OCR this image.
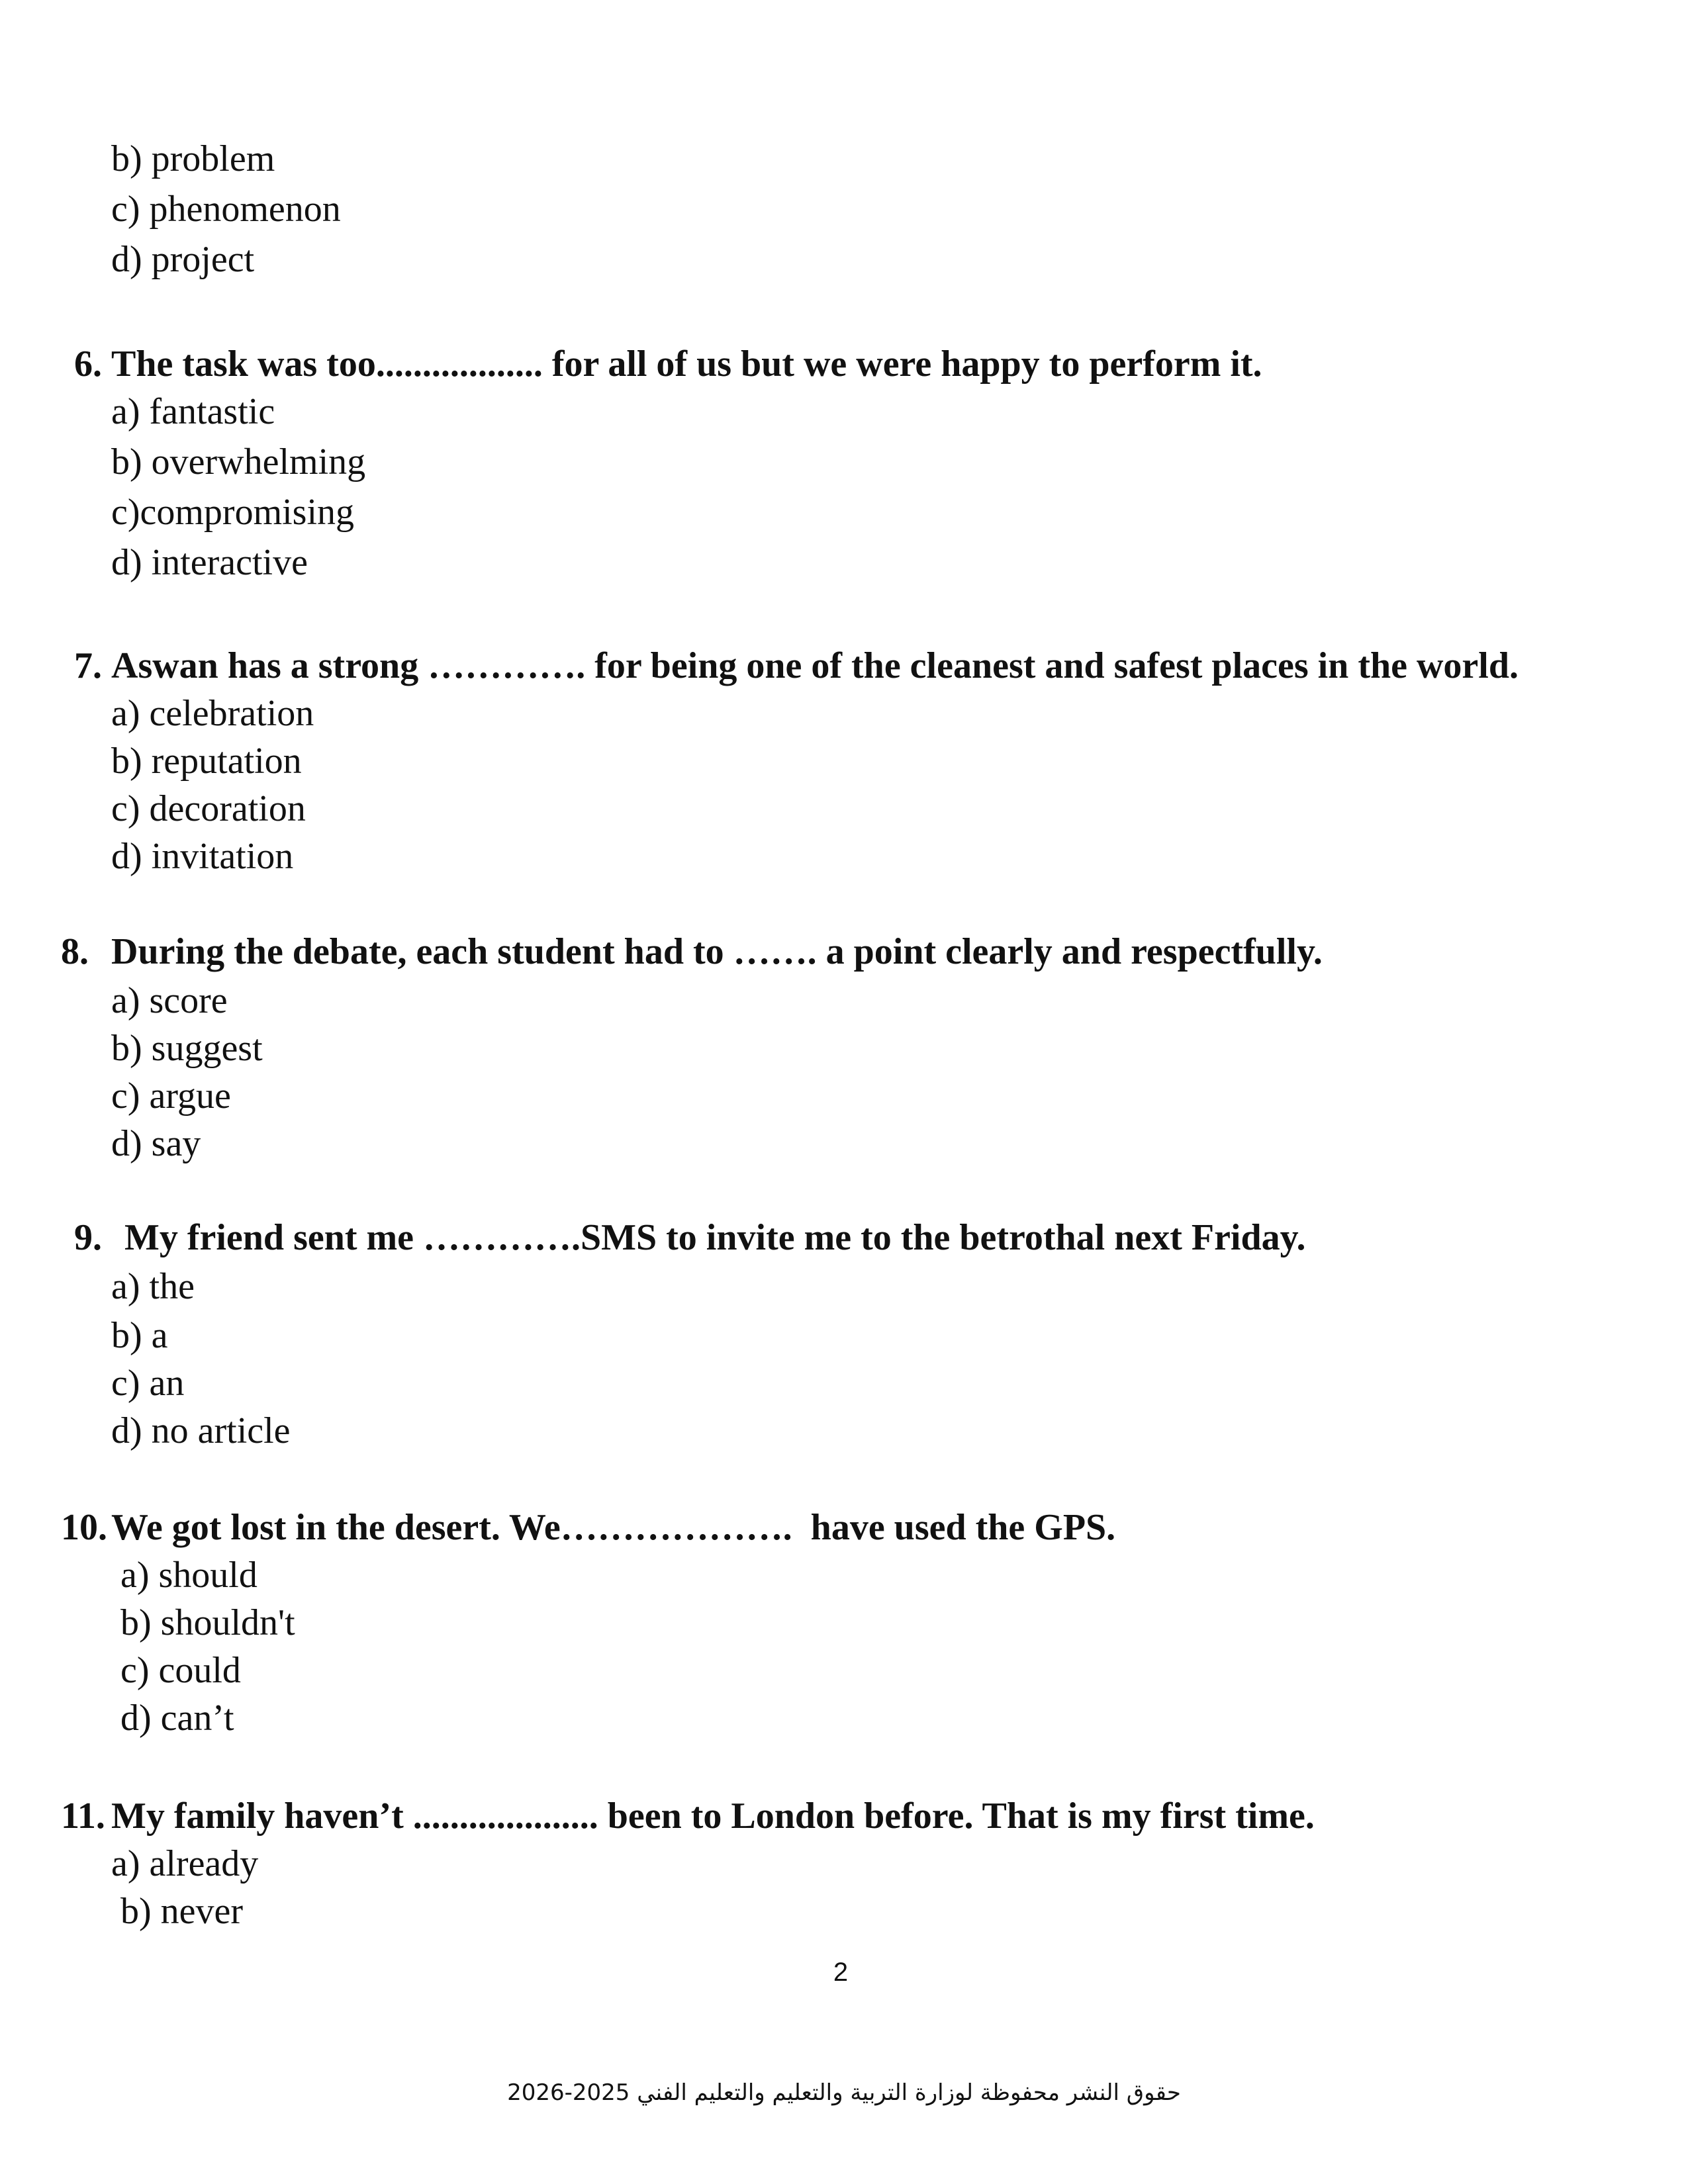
b) problem
c) phenomenon
d) project
6. The task was too.................. for all of us but we were happy to perform it.
a) fantastic
b) overwhelming
c)compromising
d) interactive
7. Aswan has a strong …………. for being one of the cleanest and safest places in the world.
a) celebration
b) reputation
c) decoration
d) invitation
8. During the debate, each student had to ……. a point clearly and respectfully.
a) score
b) suggest
c) argue
d) say
9. My friend sent me ………….SMS to invite me to the betrothal next Friday.
a) the
b) a
c) an
d) no article
10. We got lost in the desert. We……………….  have used the GPS.
a) should
b) shouldn't
c) could
d) can’t
11. My family haven’t .................... been to London before. That is my first time.
a) already
b) never
2
حقوق النشر محفوظة لوزارة التربية والتعليم والتعليم الفني 2025-2026
